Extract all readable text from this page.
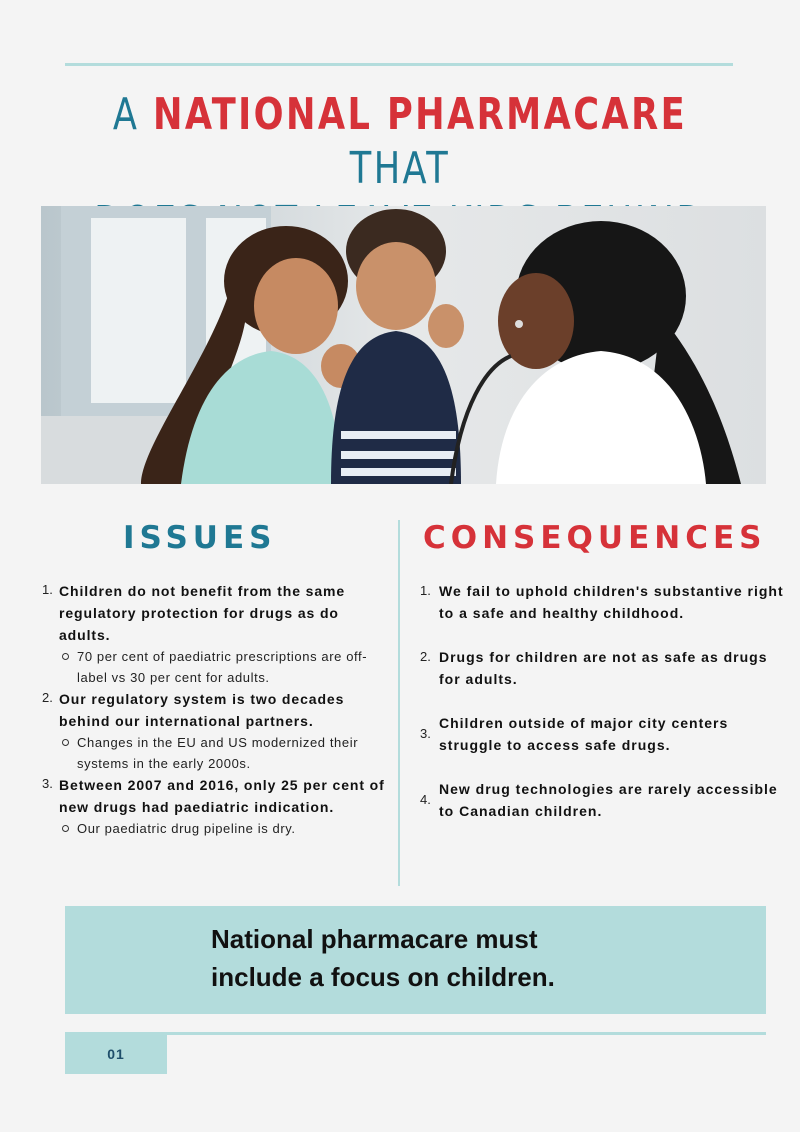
A NATIONAL PHARMACARE THAT

ISSUES	CONSEQUENCES
1. Children do not benefit from the same regulatory protection for drugs as do adults.
70 per cent of paediatric prescriptions are off-label vs 30 per cent for adults.
2. Our regulatory system is two decades behind our international partners.
Changes in the EU and US modernized their systems in the early 2000s.
3. Between 2007 and 2016, only 25 per cent of new drugs had paediatric indication.
Our paediatric drug pipeline is dry.
1. We fail to uphold children's substantive right to a safe and healthy childhood.
2. Drugs for children are not as safe as drugs for adults.
3.
Children outside of major city centers struggle to access safe drugs.
4.
New drug technologies are rarely accessible to Canadian children.

National pharmacare must
include a focus on children.

01
